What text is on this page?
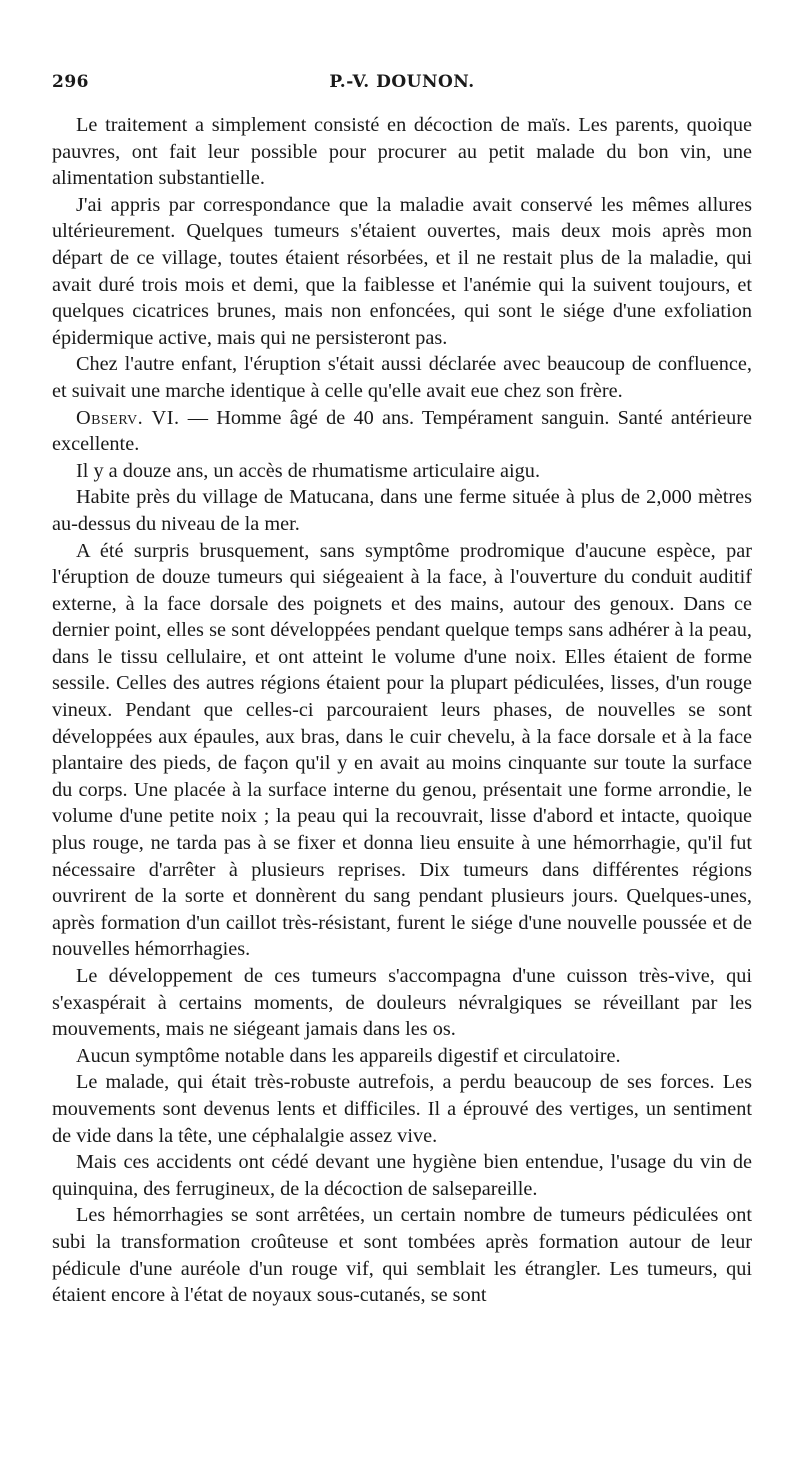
296	P.-V. DOUNON.

Le traitement a simplement consisté en décoction de maïs. Les parents, quoique pauvres, ont fait leur possible pour procurer au petit malade du bon vin, une alimentation substantielle.

J'ai appris par correspondance que la maladie avait conservé les mêmes allures ultérieurement. Quelques tumeurs s'étaient ouvertes, mais deux mois après mon départ de ce village, toutes étaient résorbées, et il ne restait plus de la maladie, qui avait duré trois mois et demi, que la faiblesse et l'anémie qui la suivent toujours, et quelques cicatrices brunes, mais non enfoncées, qui sont le siége d'une exfoliation épidermique active, mais qui ne persisteront pas.

Chez l'autre enfant, l'éruption s'était aussi déclarée avec beaucoup de confluence, et suivait une marche identique à celle qu'elle avait eue chez son frère.

Observ. VI. — Homme âgé de 40 ans. Tempérament sanguin. Santé antérieure excellente.

Il y a douze ans, un accès de rhumatisme articulaire aigu.

Habite près du village de Matucana, dans une ferme située à plus de 2,000 mètres au-dessus du niveau de la mer.

A été surpris brusquement, sans symptôme prodromique d'aucune espèce, par l'éruption de douze tumeurs qui siégeaient à la face, à l'ouverture du conduit auditif externe, à la face dorsale des poignets et des mains, autour des genoux. Dans ce dernier point, elles se sont développées pendant quelque temps sans adhérer à la peau, dans le tissu cellulaire, et ont atteint le volume d'une noix. Elles étaient de forme sessile. Celles des autres régions étaient pour la plupart pédiculées, lisses, d'un rouge vineux. Pendant que celles-ci parcouraient leurs phases, de nouvelles se sont développées aux épaules, aux bras, dans le cuir chevelu, à la face dorsale et à la face plantaire des pieds, de façon qu'il y en avait au moins cinquante sur toute la surface du corps. Une placée à la surface interne du genou, présentait une forme arrondie, le volume d'une petite noix ; la peau qui la recouvrait, lisse d'abord et intacte, quoique plus rouge, ne tarda pas à se fixer et donna lieu ensuite à une hémorrhagie, qu'il fut nécessaire d'arrêter à plusieurs reprises. Dix tumeurs dans différentes régions ouvrirent de la sorte et donnèrent du sang pendant plusieurs jours. Quelques-unes, après formation d'un caillot très-résistant, furent le siége d'une nouvelle poussée et de nouvelles hémorrhagies.

Le développement de ces tumeurs s'accompagna d'une cuisson très-vive, qui s'exaspérait à certains moments, de douleurs névralgiques se réveillant par les mouvements, mais ne siégeant jamais dans les os.

Aucun symptôme notable dans les appareils digestif et circulatoire.

Le malade, qui était très-robuste autrefois, a perdu beaucoup de ses forces. Les mouvements sont devenus lents et difficiles. Il a éprouvé des vertiges, un sentiment de vide dans la tête, une céphalalgie assez vive.

Mais ces accidents ont cédé devant une hygiène bien entendue, l'usage du vin de quinquina, des ferrugineux, de la décoction de salsepareille.

Les hémorrhagies se sont arrêtées, un certain nombre de tumeurs pédiculées ont subi la transformation croûteuse et sont tombées après formation autour de leur pédicule d'une auréole d'un rouge vif, qui semblait les étrangler. Les tumeurs, qui étaient encore à l'état de noyaux sous-cutanés, se sont
